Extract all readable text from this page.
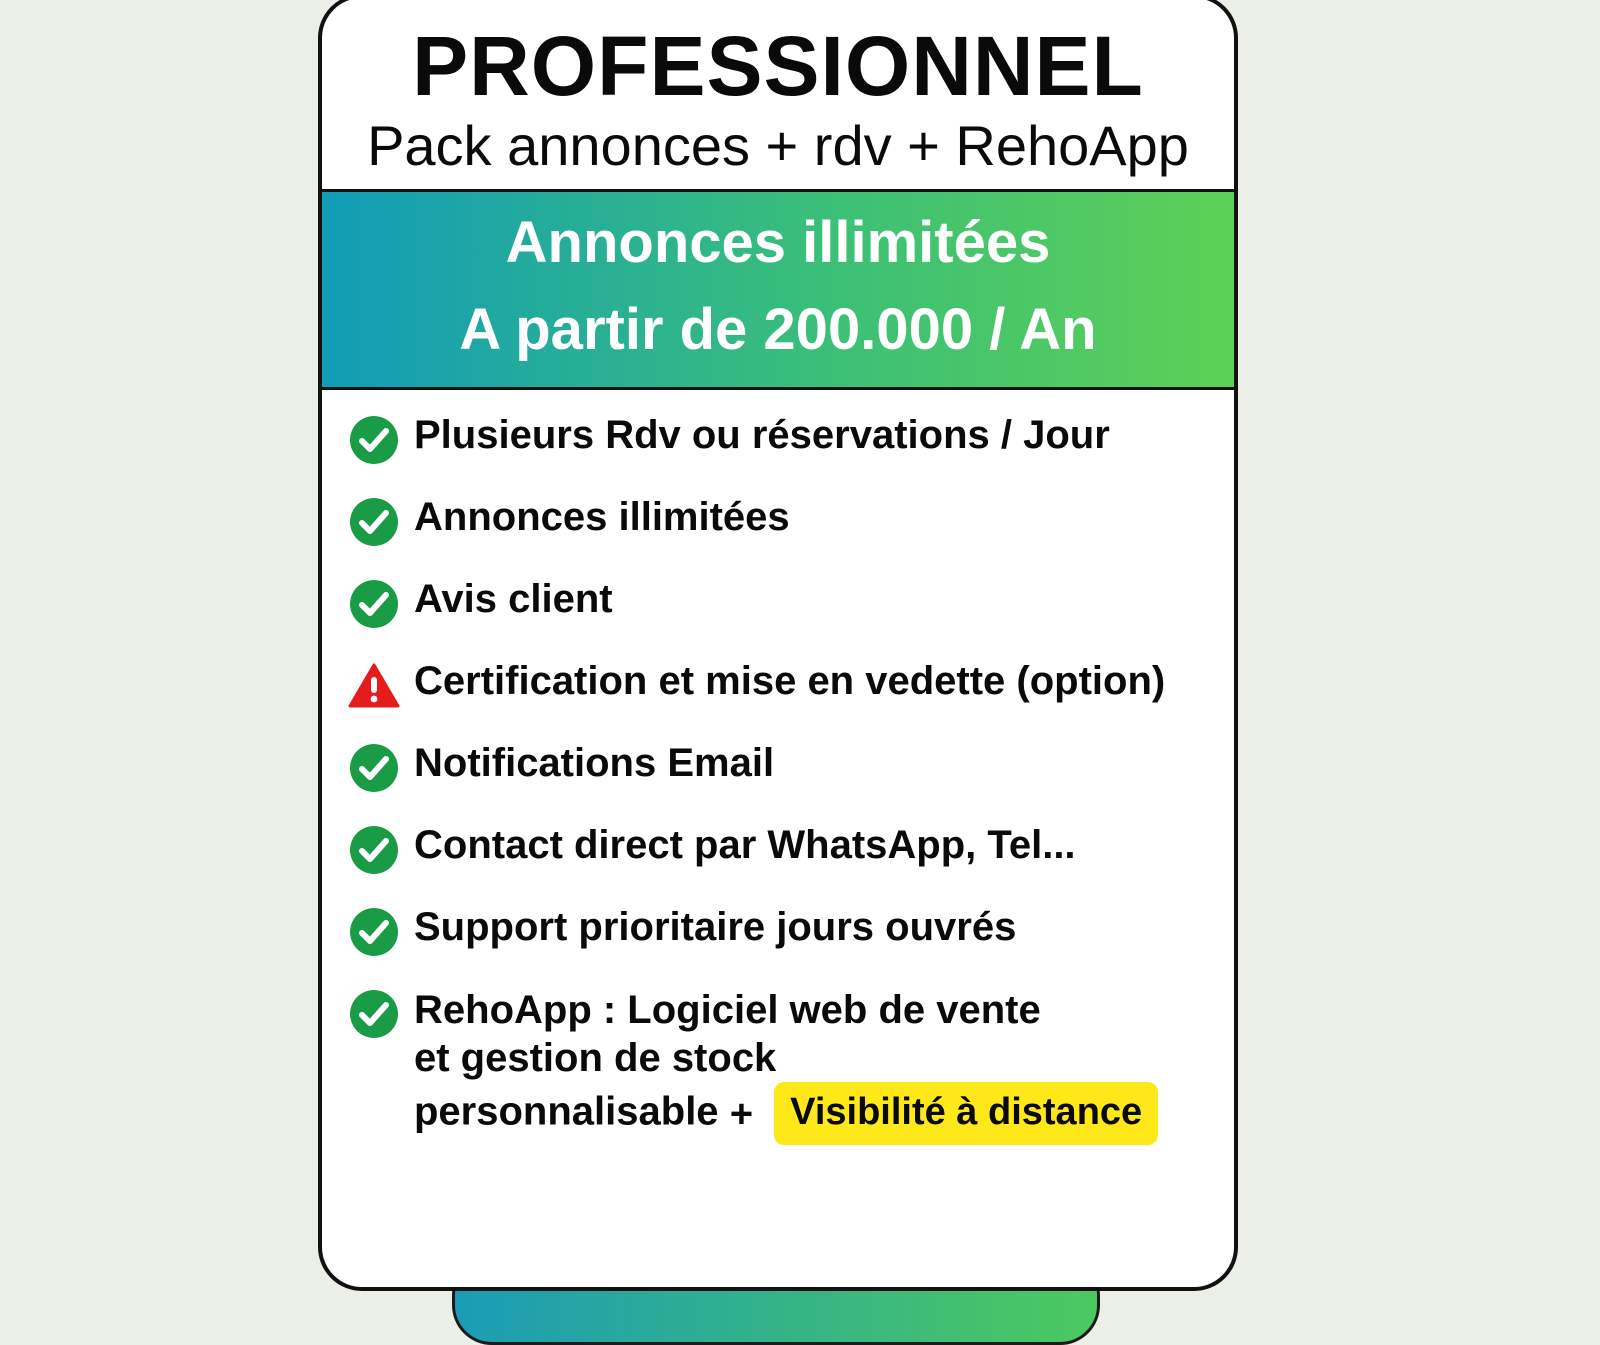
PROFESSIONNEL
Pack annonces + rdv + RehoApp
Annonces illimitées
A partir de 200.000 / An
Plusieurs Rdv ou réservations / Jour
Annonces illimitées
Avis client
Certification et mise en vedette (option)
Notifications Email
Contact direct par WhatsApp, Tel...
Support prioritaire jours ouvrés
RehoApp : Logiciel web de vente
et gestion de stock
personnalisable + Visibilité à distance
